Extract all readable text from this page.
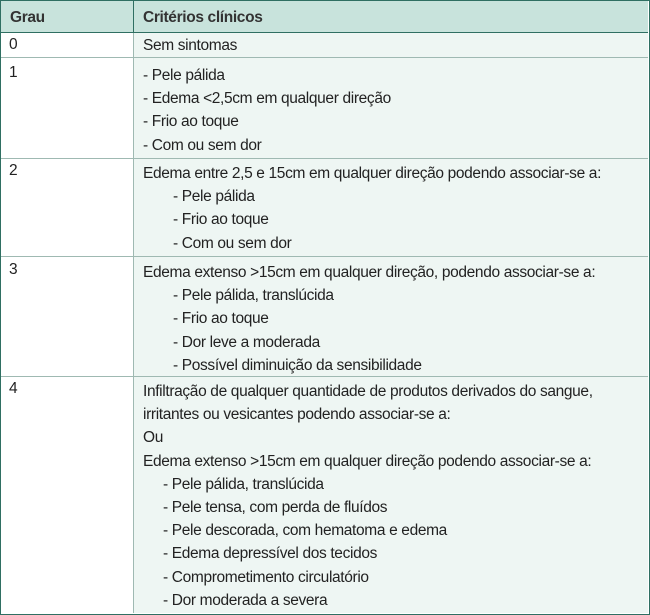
Grau	Critérios clínicos
0	Sem sintomas
1	- Pele pálida
- Edema <2,5cm em qualquer direção
- Frio ao toque
- Com ou sem dor
2	Edema entre 2,5 e 15cm em qualquer direção podendo associar-se a:
- Pele pálida
- Frio ao toque
- Com ou sem dor
3	Edema extenso >15cm em qualquer direção, podendo associar-se a:
- Pele pálida, translúcida
- Frio ao toque
- Dor leve a moderada
- Possível diminuição da sensibilidade
4	Infiltração de qualquer quantidade de produtos derivados do sangue,
irritantes ou vesicantes podendo associar-se a:
Ou
Edema extenso >15cm em qualquer direção podendo associar-se a:
- Pele pálida, translúcida
- Pele tensa, com perda de fluídos
- Pele descorada, com hematoma e edema
- Edema depressível dos tecidos
- Comprometimento circulatório
- Dor moderada a severa
